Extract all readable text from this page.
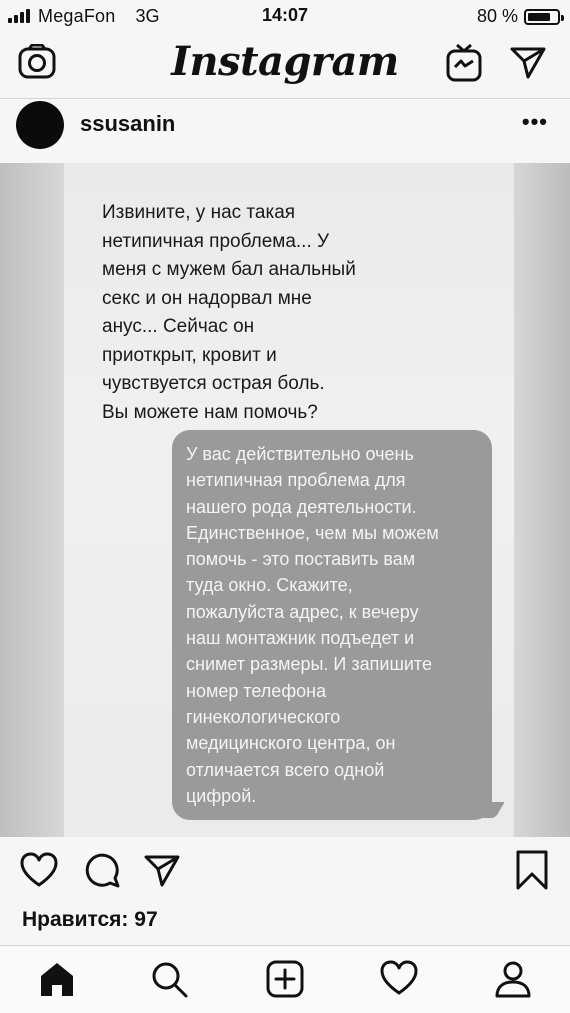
MegaFon 3G	14:07	80 %
Instagram
ssusanin	•••
Извините, у нас такая
нетипичная проблема... У
меня с мужем бал анальный
секс и он надорвал мне
анус... Сейчас он
приоткрыт, кровит и
чувствуется острая боль.
Вы можете нам помочь?
У вас действительно очень
нетипичная проблема для
нашего рода деятельности.
Единственное, чем мы можем
помочь - это поставить вам
туда окно. Скажите,
пожалуйста адрес, к вечеру
наш монтажник подъедет и
снимет размеры. И запишите
номер телефона
гинекологического
медицинского центра, он
отличается всего одной
цифрой.
Нравится: 97
